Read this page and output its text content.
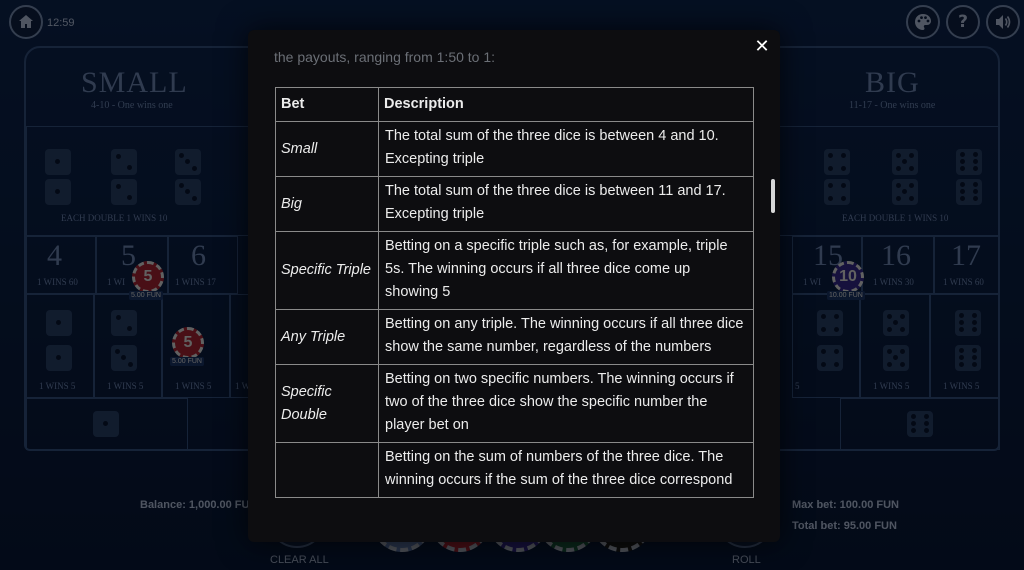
✕
the payouts, ranging from 1:50 to 1:
Bet	Description
Small	The total sum of the three dice is between 4 and 10. Excepting triple
Big	The total sum of the three dice is between 11 and 17. Excepting triple
Specific Triple	Betting on a specific triple such as, for example, triple 5s. The winning occurs if all three dice come up showing 5
Any Triple	Betting on any triple. The winning occurs if all three dice show the same number, regardless of the numbers
Specific Double	Betting on two specific numbers. The winning occurs if two of the three dice show the specific number the player bet on
	Betting on the sum of numbers of the three dice. The winning occurs if the sum of the three dice correspond
